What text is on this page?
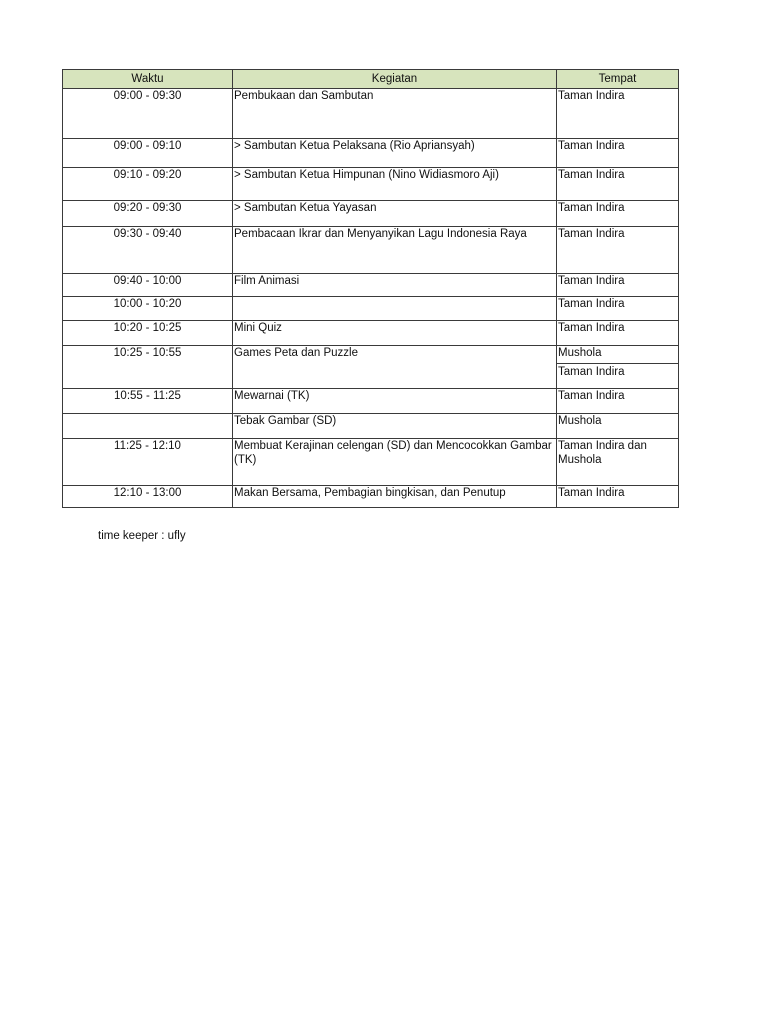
Waktu	Kegiatan	Tempat
09:00 - 09:30	Pembukaan dan Sambutan	Taman Indira
09:00 - 09:10	> Sambutan Ketua Pelaksana (Rio Apriansyah)	Taman Indira
09:10 - 09:20	> Sambutan Ketua Himpunan (Nino Widiasmoro Aji)	Taman Indira
09:20 - 09:30	> Sambutan Ketua Yayasan	Taman Indira
09:30 - 09:40	Pembacaan Ikrar dan Menyanyikan Lagu Indonesia Raya	Taman Indira
09:40 - 10:00	Film Animasi	Taman Indira
10:00 - 10:20		Taman Indira
10:20 - 10:25	Mini Quiz	Taman Indira
10:25 - 10:55	Games Peta dan Puzzle	Mushola
Taman Indira

10:55 - 11:25	Mewarnai (TK)	Taman Indira
	Tebak Gambar (SD)	Mushola
11:25 - 12:10	Membuat Kerajinan celengan (SD) dan Mencocokkan Gambar (TK)	Taman Indira dan Mushola
12:10 - 13:00	Makan Bersama, Pembagian bingkisan, dan Penutup	Taman Indira
time keeper : ufly
